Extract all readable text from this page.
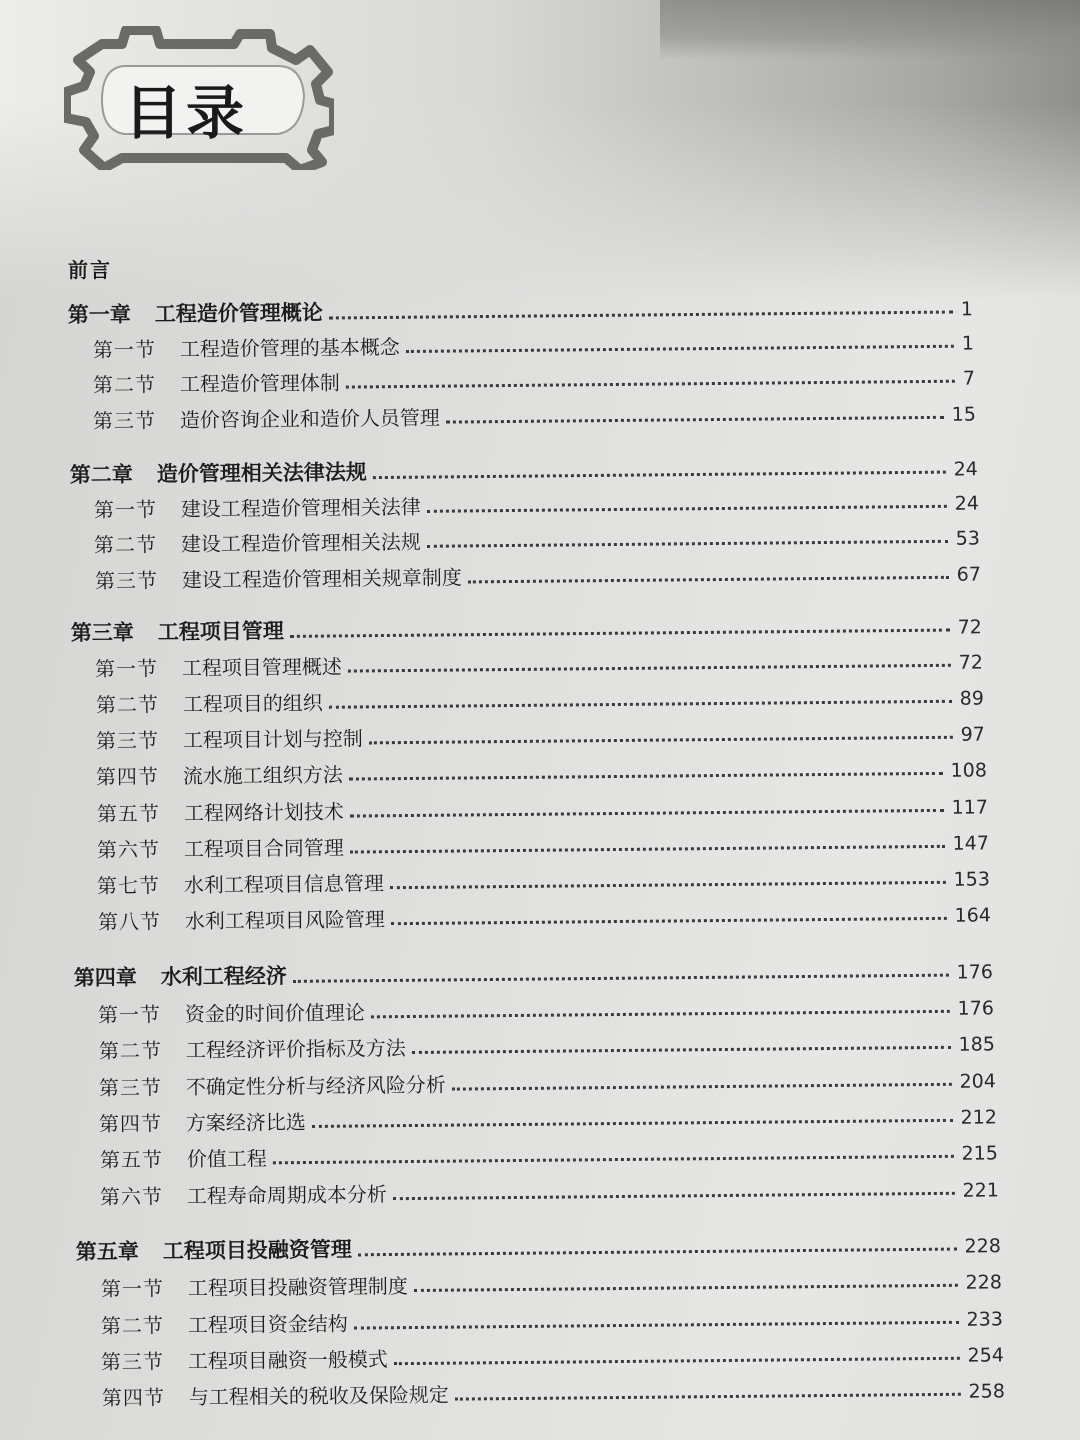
目录
前言
第一章 工程造价管理概论	1
第一节 工程造价管理的基本概念	1
第二节 工程造价管理体制	7
第三节 造价咨询企业和造价人员管理	15
第二章 造价管理相关法律法规	24
第一节 建设工程造价管理相关法律	24
第二节 建设工程造价管理相关法规	53
第三节 建设工程造价管理相关规章制度	67
第三章 工程项目管理	72
第一节 工程项目管理概述	72
第二节 工程项目的组织	89
第三节 工程项目计划与控制	97
第四节 流水施工组织方法	108
第五节 工程网络计划技术	117
第六节 工程项目合同管理	147
第七节 水利工程项目信息管理	153
第八节 水利工程项目风险管理	164
第四章 水利工程经济	176
第一节 资金的时间价值理论	176
第二节 工程经济评价指标及方法	185
第三节 不确定性分析与经济风险分析	204
第四节 方案经济比选	212
第五节 价值工程	215
第六节 工程寿命周期成本分析	221
第五章 工程项目投融资管理	228
第一节 工程项目投融资管理制度	228
第二节 工程项目资金结构	233
第三节 工程项目融资一般模式	254
第四节 与工程相关的税收及保险规定	258
